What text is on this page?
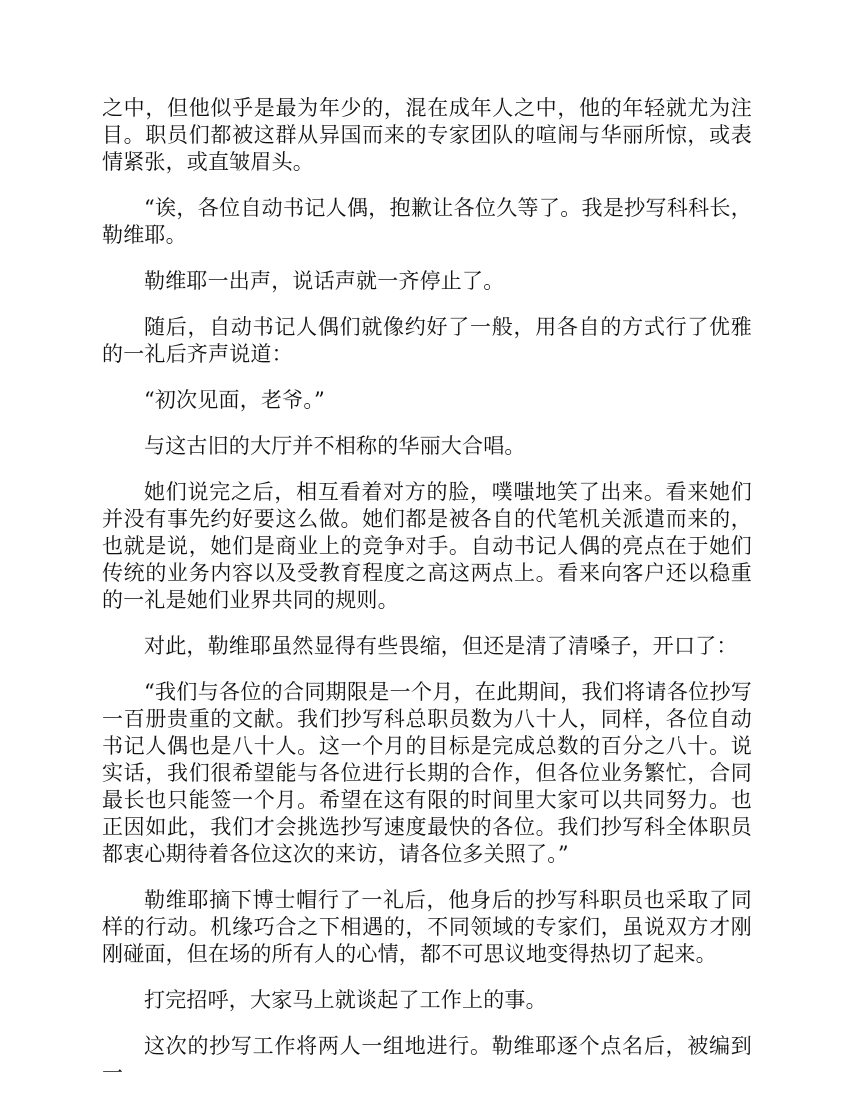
之中，但他似乎是最为年少的，混在成年人之中，他的年轻就尤为注目。职员们都被这群从异国而来的专家团队的喧闹与华丽所惊，或表情紧张，或直皱眉头。

“诶，各位自动书记人偶，抱歉让各位久等了。我是抄写科科长，勒维耶。

勒维耶一出声，说话声就一齐停止了。

随后，自动书记人偶们就像约好了一般，用各自的方式行了优雅的一礼后齐声说道：

“初次见面，老爷。”

与这古旧的大厅并不相称的华丽大合唱。

她们说完之后，相互看着对方的脸，噗嗤地笑了出来。看来她们并没有事先约好要这么做。她们都是被各自的代笔机关派遣而来的，也就是说，她们是商业上的竞争对手。自动书记人偶的亮点在于她们传统的业务内容以及受教育程度之高这两点上。看来向客户还以稳重的一礼是她们业界共同的规则。

对此，勒维耶虽然显得有些畏缩，但还是清了清嗓子，开口了：

“我们与各位的合同期限是一个月，在此期间，我们将请各位抄写一百册贵重的文献。我们抄写科总职员数为八十人，同样，各位自动书记人偶也是八十人。这一个月的目标是完成总数的百分之八十。说实话，我们很希望能与各位进行长期的合作，但各位业务繁忙，合同最长也只能签一个月。希望在这有限的时间里大家可以共同努力。也正因如此，我们才会挑选抄写速度最快的各位。我们抄写科全体职员都衷心期待着各位这次的来访，请各位多关照了。”

勒维耶摘下博士帽行了一礼后，他身后的抄写科职员也采取了同样的行动。机缘巧合之下相遇的，不同领域的专家们，虽说双方才刚刚碰面，但在场的所有人的心情，都不可思议地变得热切了起来。

打完招呼，大家马上就谈起了工作上的事。

这次的抄写工作将两人一组地进行。勒维耶逐个点名后，被编到一
